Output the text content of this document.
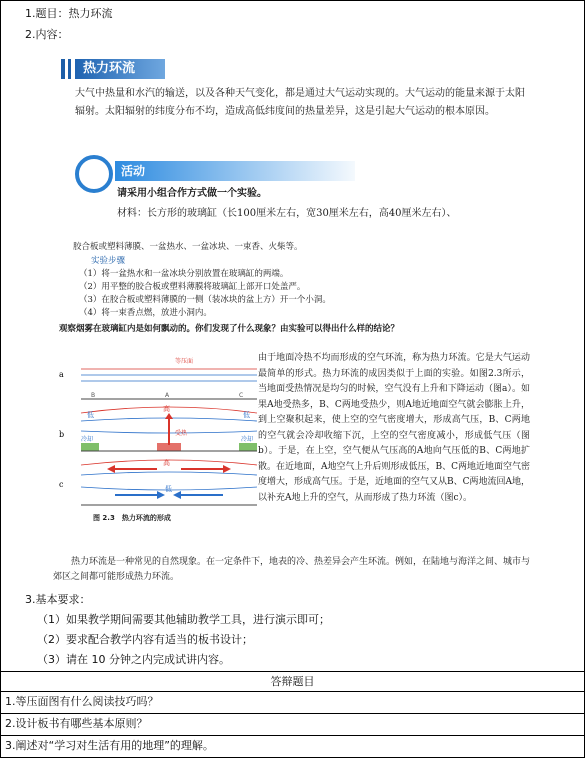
1.题目：热力环流
2.内容：
热力环流
大气中热量和水汽的输送，以及各种天气变化，都是通过大气运动实现的。大气运动的能量来源于太阳辐射。太阳辐射的纬度分布不均，造成高低纬度间的热量差异，这是引起大气运动的根本原因。
活动
请采用小组合作方式做一个实验。
材料：长方形的玻璃缸（长100厘米左右，宽30厘米左右，高40厘米左右）、
胶合板或塑料薄膜、一盆热水、一盆冰块、一束香、火柴等。
实验步骤
（1）将一盆热水和一盆冰块分别放置在玻璃缸的两端。
（2）用平整的胶合板或塑料薄膜将玻璃缸上部开口处盖严。
（3）在胶合板或塑料薄膜的一侧（装冰块的盆上方）开一个小洞。
（4）将一束香点燃，放进小洞内。
观察烟雾在玻璃缸内是如何飘动的。你们发现了什么现象？由实验可以得出什么样的结论？
等压面
a
B	A	C
b
高
低	低
受热
冷却	冷却
c
高
低
图 2.3　热力环流的形成
由于地面冷热不均而形成的空气环流，称为热力环流。它是大气运动最简单的形式。热力环流的成因类似于上面的实验。如图2.3所示，当地面受热情况是均匀的时候，空气没有上升和下降运动（图a）。如果A地受热多，B、C两地受热少，则A地近地面空气就会膨胀上升，到上空聚积起来，使上空的空气密度增大，形成高气压，B、C两地的空气就会冷却收缩下沉，上空的空气密度减小，形成低气压（图b）。于是，在上空，空气便从气压高的A地向气压低的B、C两地扩散。在近地面，A地空气上升后则形成低压，B、C两地近地面空气密度增大，形成高气压。于是，近地面的空气又从B、C两地流回A地，以补充A地上升的空气，从而形成了热力环流（图c）。
热力环流是一种常见的自然现象。在一定条件下，地表的冷、热差异会产生环流。例如，在陆地与海洋之间、城市与郊区之间都可能形成热力环流。
3.基本要求：
（1）如果教学期间需要其他辅助教学工具，进行演示即可；
（2）要求配合教学内容有适当的板书设计；
（3）请在 10 分钟之内完成试讲内容。
答辩题目
1.等压面图有什么阅读技巧吗？
2.设计板书有哪些基本原则？
3.阐述对“学习对生活有用的地理”的理解。
